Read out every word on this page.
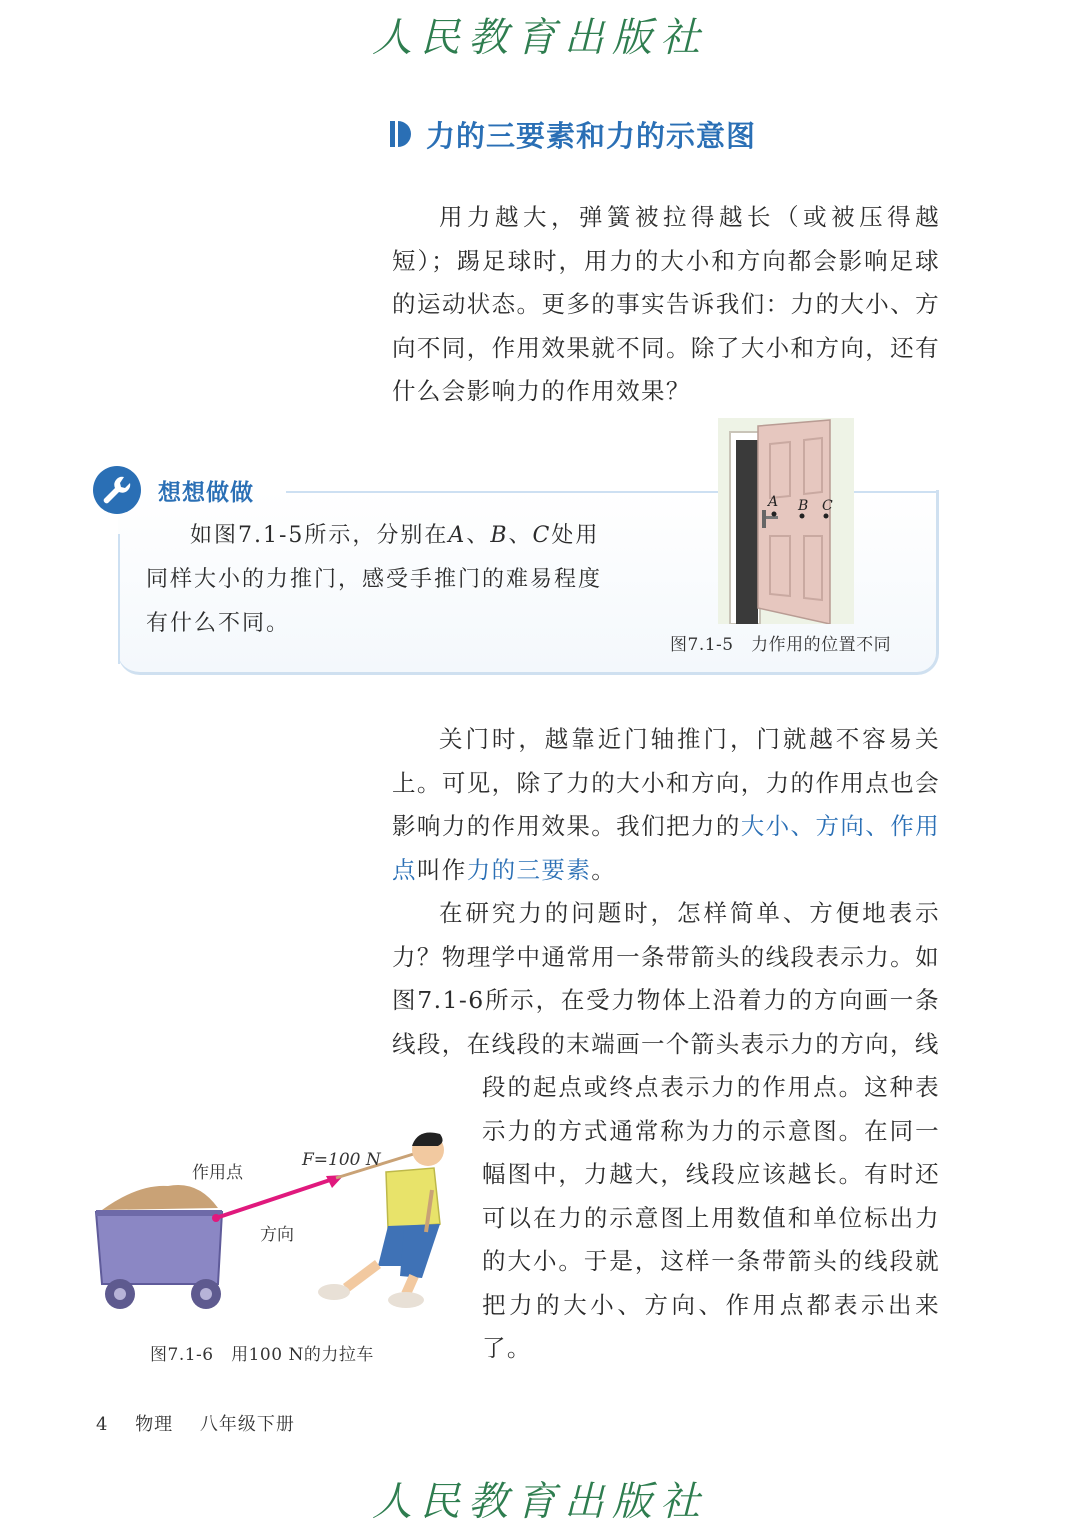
人民教育出版社
力的三要素和力的示意图
用力越大，弹簧被拉得越长（或被压得越短）；踢足球时，用力的大小和方向都会影响足球的运动状态。更多的事实告诉我们：力的大小、方向不同，作用效果就不同。除了大小和方向，还有什么会影响力的作用效果？
想想做做
如图7.1-5所示，分别在A、B、C处用同样大小的力推门，感受手推门的难易程度有什么不同。
A B C
图7.1-5　力作用的位置不同
关门时，越靠近门轴推门，门就越不容易关上。可见，除了力的大小和方向，力的作用点也会影响力的作用效果。我们把力的大小、方向、作用点叫作力的三要素。
在研究力的问题时，怎样简单、方便地表示力？物理学中通常用一条带箭头的线段表示力。如图7.1-6所示，在受力物体上沿着力的方向画一条线段，在线段的末端画一个箭头表示力的方向，线
段的起点或终点表示力的作用点。这种表示力的方式通常称为力的示意图。在同一幅图中，力越大，线段应该越长。有时还可以在力的示意图上用数值和单位标出力的大小。于是，这样一条带箭头的线段就把力的大小、方向、作用点都表示出来了。
作用点
F=100 N
方向
图7.1-6　用100 N的力拉车
4 物理 八年级下册
人民教育出版社
